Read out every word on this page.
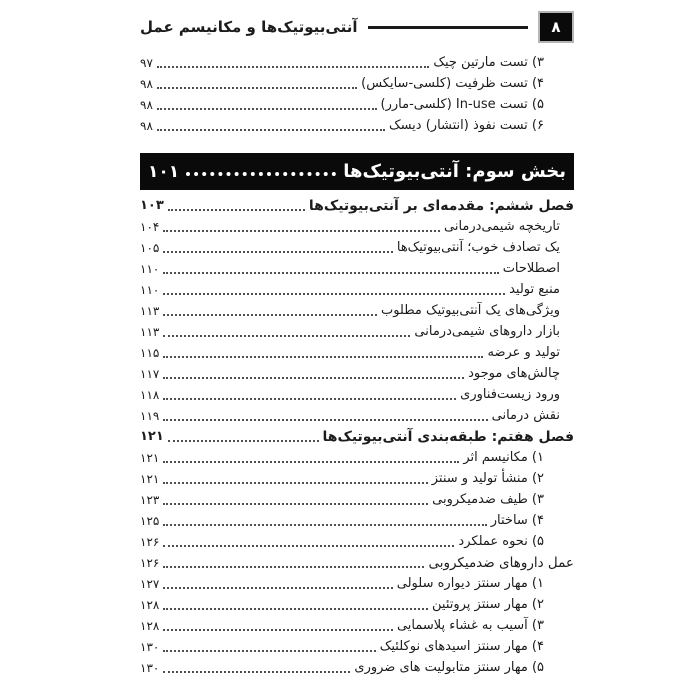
آنتی‌بیوتیک‌ها و مکانیسم عمل	۸
۳) تست مارتین چیک
۹۷
۴) تست ظرفیت (کلسی-سایکس)
۹۸
۵) تست In-use (کلسی-مارر)
۹۸
۶) تست نفوذ (انتشار) دیسک
۹۸
بخش سوم: آنتی‌بیوتیک‌ها
۱۰۱
فصل ششم: مقدمه‌ای بر آنتی‌بیوتیک‌ها
۱۰۳
تاریخچه شیمی‌درمانی
۱۰۴
یک تصادف خوب؛ آنتی‌بیوتیک‌ها
۱۰۵
اصطلاحات
۱۱۰
منبع تولید
۱۱۰
ویژگی‌های یک آنتی‌بیوتیک مطلوب
۱۱۳
بازار داروهای شیمی‌درمانی
۱۱۳
تولید و عرضه
۱۱۵
چالش‌های موجود
۱۱۷
ورود زیست‌فناوری
۱۱۸
نقش درمانی
۱۱۹
فصل هفتم: طبقه‌بندی آنتی‌بیوتیک‌ها
۱۲۱
۱) مکانیسم اثر
۱۲۱
۲) منشأ تولید و سنتز
۱۲۱
۳) طیف ضدمیکروبی
۱۲۳
۴) ساختار
۱۲۵
۵) نحوه عملکرد
۱۲۶
عمل داروهای ضدمیکروبی
۱۲۶
۱) مهار سنتز دیواره سلولی
۱۲۷
۲) مهار سنتز پروتئین
۱۲۸
۳) آسیب به غشاء پلاسمایی
۱۲۸
۴) مهار سنتز اسیدهای نوکلئیک
۱۳۰
۵) مهار سنتز متابولیت های ضروری
۱۳۰
